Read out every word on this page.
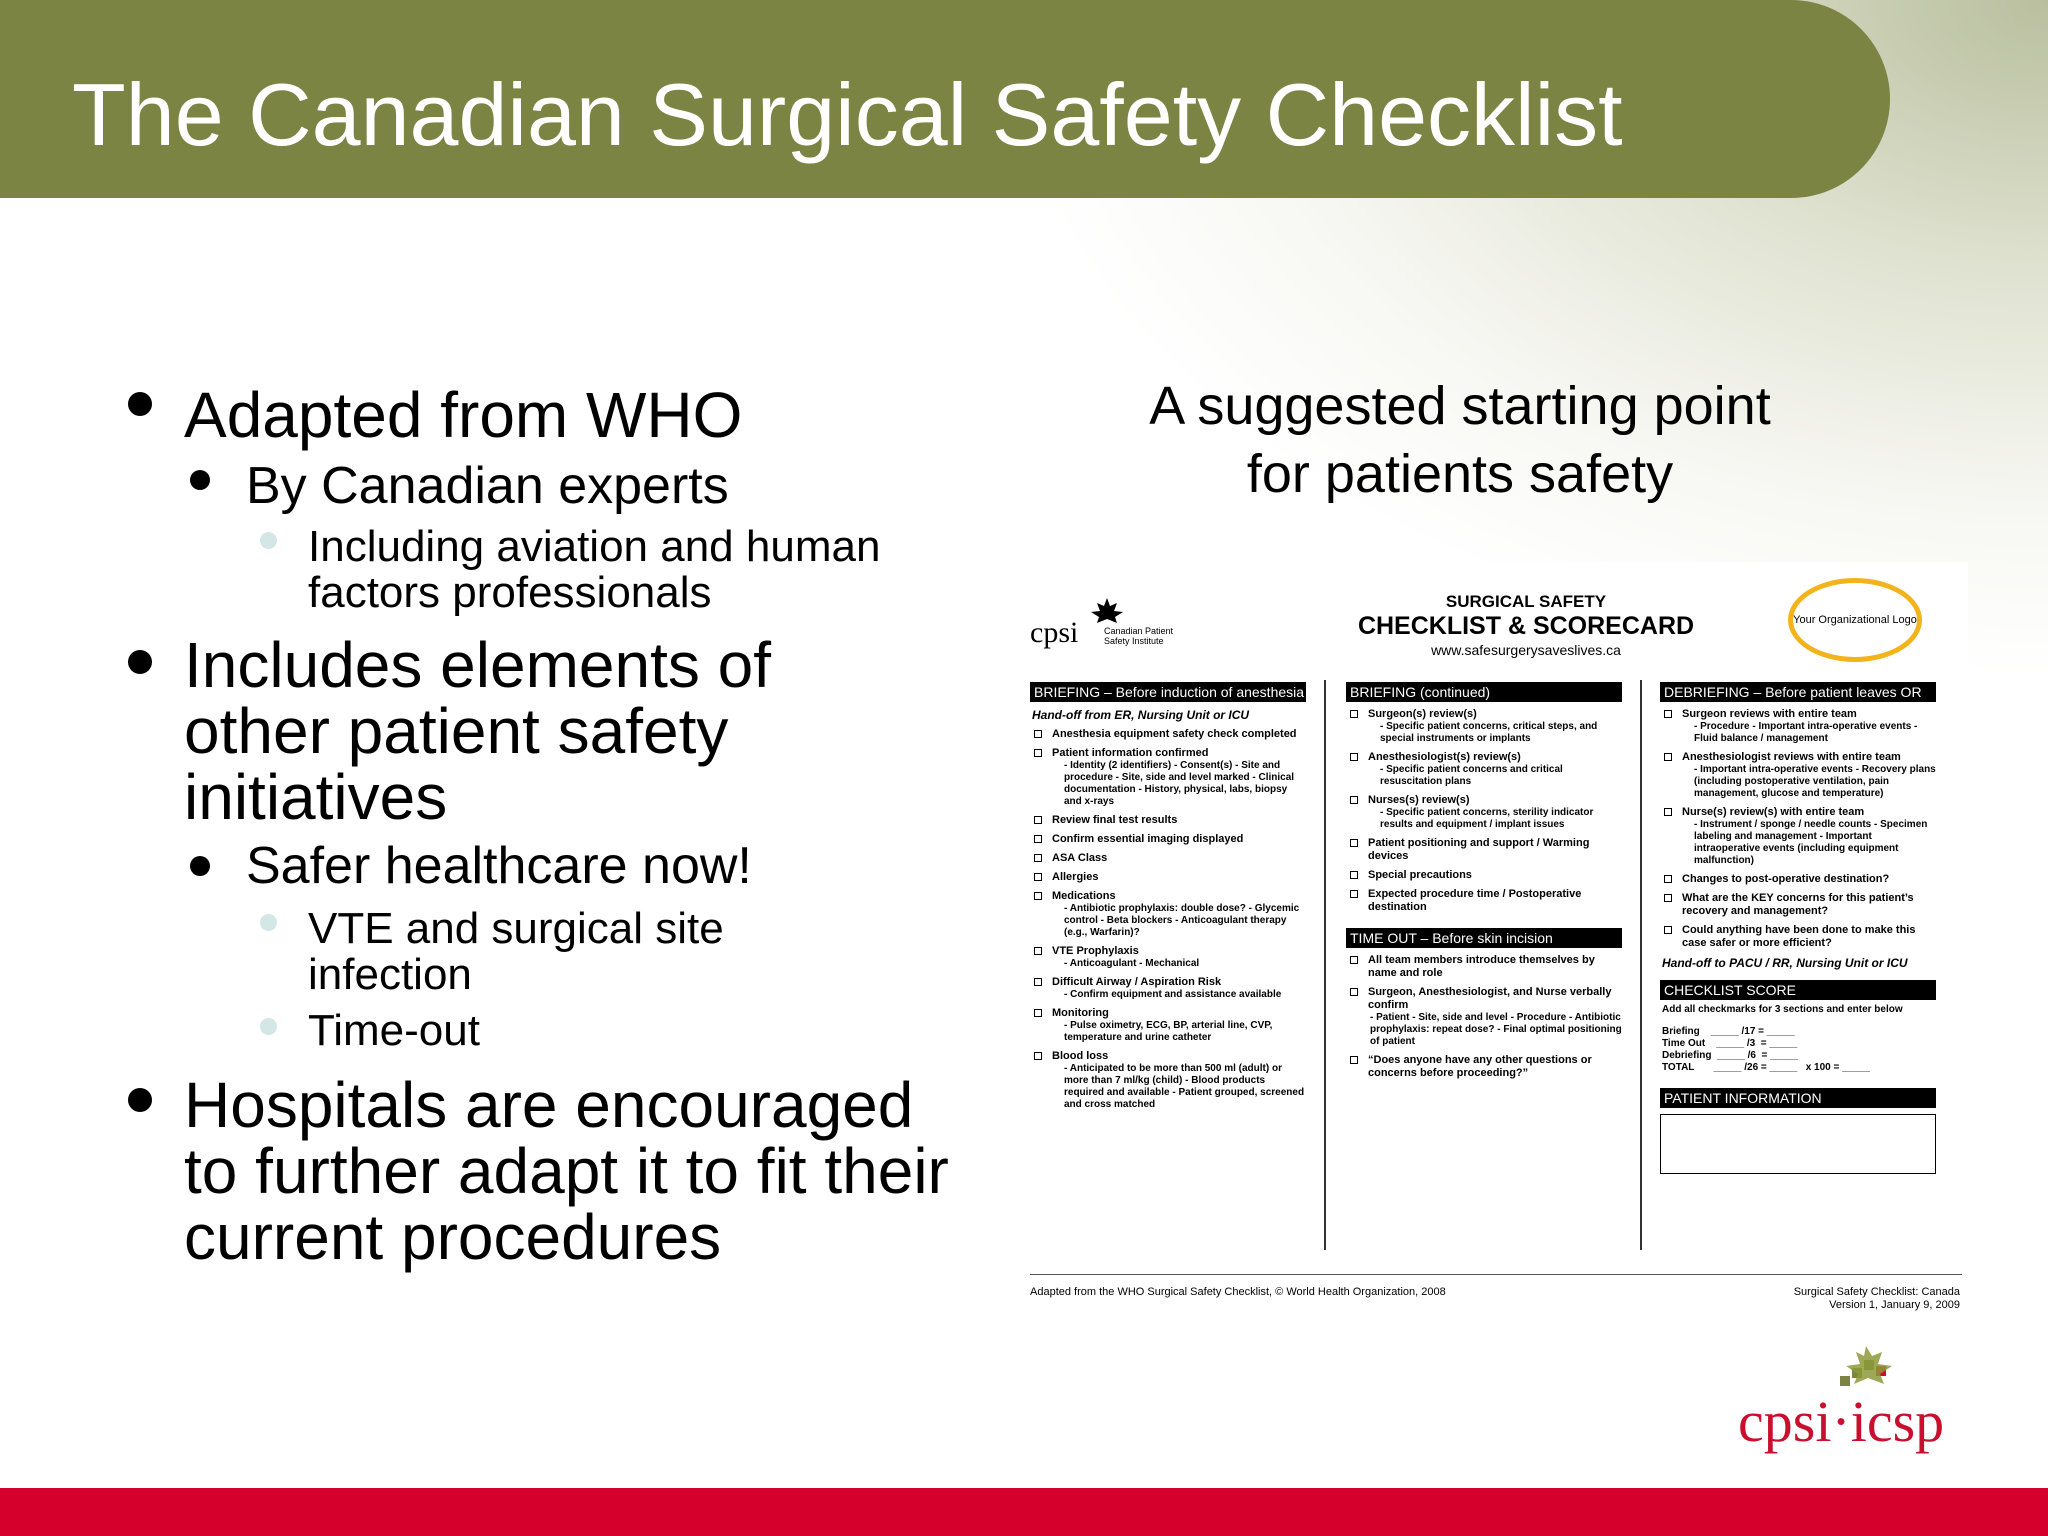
The Canadian Surgical Safety Checklist
Adapted from WHO
By Canadian experts
Including aviation and human factors professionals
Includes elements of other patient safety initiatives
Safer healthcare now!
VTE and surgical site infection
Time-out
Hospitals are encouraged to further adapt it to fit their current procedures
A suggested starting point
for patients safety
cpsi	Canadian Patient Safety Institute
SURGICAL SAFETY
CHECKLIST & SCORECARD
www.safesurgerysaveslives.ca
Your Organizational Logo
BRIEFING – Before induction of anesthesia
Hand-off from ER, Nursing Unit or ICU
Anesthesia equipment safety check completed
Patient information confirmed
- Identity (2 identifiers) - Consent(s) - Site and procedure - Site, side and level marked - Clinical documentation - History, physical, labs, biopsy and x-rays
Review final test results
Confirm essential imaging displayed
ASA Class
Allergies
Medications
- Antibiotic prophylaxis: double dose? - Glycemic control - Beta blockers - Anticoagulant therapy (e.g., Warfarin)?
VTE Prophylaxis
- Anticoagulant - Mechanical
Difficult Airway / Aspiration Risk
- Confirm equipment and assistance available
Monitoring
- Pulse oximetry, ECG, BP, arterial line, CVP, temperature and urine catheter
Blood loss
- Anticipated to be more than 500 ml (adult) or more than 7 ml/kg (child) - Blood products required and available - Patient grouped, screened and cross matched
BRIEFING (continued)
Surgeon(s) review(s)
- Specific patient concerns, critical steps, and special instruments or implants
Anesthesiologist(s) review(s)
- Specific patient concerns and critical resuscitation plans
Nurses(s) review(s)
- Specific patient concerns, sterility indicator results and equipment / implant issues
Patient positioning and support / Warming devices
Special precautions
Expected procedure time / Postoperative destination
TIME OUT – Before skin incision
All team members introduce themselves by name and role
Surgeon, Anesthesiologist, and Nurse verbally confirm
- Patient - Site, side and level - Procedure - Antibiotic prophylaxis: repeat dose? - Final optimal positioning of patient
“Does anyone have any other questions or concerns before proceeding?”
DEBRIEFING – Before patient leaves OR
Surgeon reviews with entire team
- Procedure - Important intra-operative events - Fluid balance / management
Anesthesiologist reviews with entire team
- Important intra-operative events - Recovery plans (including postoperative ventilation, pain management, glucose and temperature)
Nurse(s) review(s) with entire team
- Instrument / sponge / needle counts - Specimen labeling and management - Important intraoperative events (including equipment malfunction)
Changes to post-operative destination?
What are the KEY concerns for this patient’s recovery and management?
Could anything have been done to make this case safer or more efficient?
Hand-off to PACU / RR, Nursing Unit or ICU
CHECKLIST SCORE
Add all checkmarks for 3 sections and enter below
Briefing    _____ /17 = _____
Time Out    _____ /3  = _____
Debriefing  _____ /6  = _____
TOTAL       _____ /26 = _____   x 100 = _____
PATIENT INFORMATION
Adapted from the WHO Surgical Safety Checklist, © World Health Organization, 2008	Surgical Safety Checklist: Canada
Version 1, January 9, 2009
cpsi·icsp
